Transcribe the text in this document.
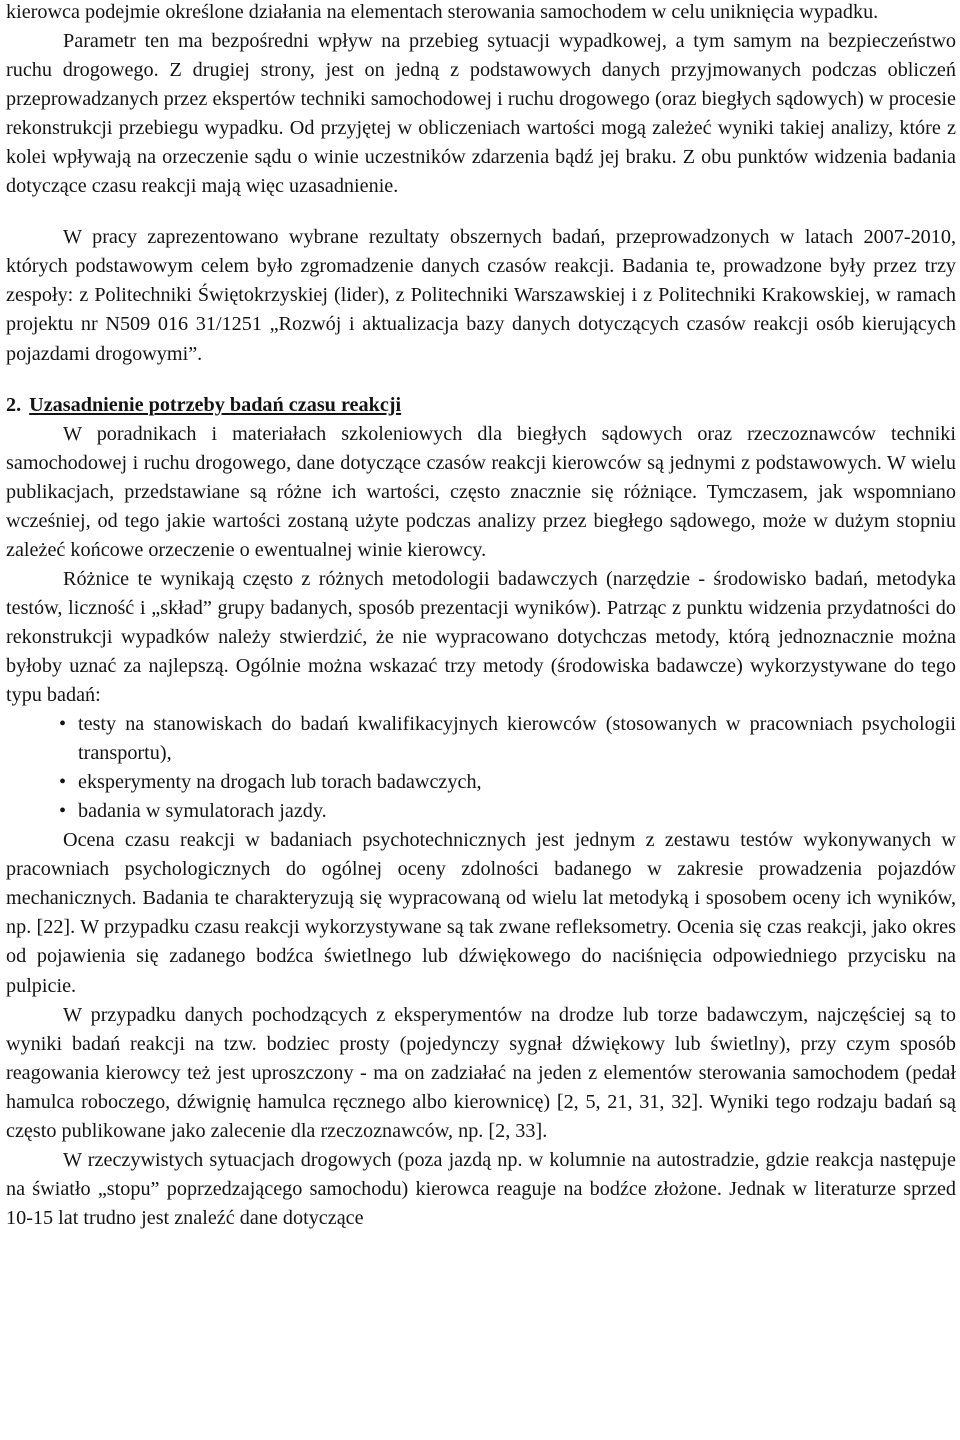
kierowca podejmie określone działania na elementach sterowania samochodem w celu uniknięcia wypadku.

Parametr ten ma bezpośredni wpływ na przebieg sytuacji wypadkowej, a tym samym na bezpieczeństwo ruchu drogowego. Z drugiej strony, jest on jedną z podstawowych danych przyjmowanych podczas obliczeń przeprowadzanych przez ekspertów techniki samochodowej i ruchu drogowego (oraz biegłych sądowych) w procesie rekonstrukcji przebiegu wypadku. Od przyjętej w obliczeniach wartości mogą zależeć wyniki takiej analizy, które z kolei wpływają na orzeczenie sądu o winie uczestników zdarzenia bądź jej braku. Z obu punktów widzenia badania dotyczące czasu reakcji mają więc uzasadnienie.

W pracy zaprezentowano wybrane rezultaty obszernych badań, przeprowadzonych w latach 2007-2010, których podstawowym celem było zgromadzenie danych czasów reakcji. Badania te, prowadzone były przez trzy zespoły: z Politechniki Świętokrzyskiej (lider), z Politechniki Warszawskiej i z Politechniki Krakowskiej, w ramach projektu nr N509 016 31/1251 „Rozwój i aktualizacja bazy danych dotyczących czasów reakcji osób kierujących pojazdami drogowymi”.

2. Uzasadnienie potrzeby badań czasu reakcji

W poradnikach i materiałach szkoleniowych dla biegłych sądowych oraz rzeczoznawców techniki samochodowej i ruchu drogowego, dane dotyczące czasów reakcji kierowców są jednymi z podstawowych. W wielu publikacjach, przedstawiane są różne ich wartości, często znacznie się różniące. Tymczasem, jak wspomniano wcześniej, od tego jakie wartości zostaną użyte podczas analizy przez biegłego sądowego, może w dużym stopniu zależeć końcowe orzeczenie o ewentualnej winie kierowcy.

Różnice te wynikają często z różnych metodologii badawczych (narzędzie - środowisko badań, metodyka testów, liczność i „skład” grupy badanych, sposób prezentacji wyników). Patrząc z punktu widzenia przydatności do rekonstrukcji wypadków należy stwierdzić, że nie wypracowano dotychczas metody, którą jednoznacznie można byłoby uznać za najlepszą. Ogólnie można wskazać trzy metody (środowiska badawcze) wykorzystywane do tego typu badań:

• testy na stanowiskach do badań kwalifikacyjnych kierowców (stosowanych w pracowniach psychologii transportu),
• eksperymenty na drogach lub torach badawczych,
• badania w symulatorach jazdy.

Ocena czasu reakcji w badaniach psychotechnicznych jest jednym z zestawu testów wykonywanych w pracowniach psychologicznych do ogólnej oceny zdolności badanego w zakresie prowadzenia pojazdów mechanicznych. Badania te charakteryzują się wypracowaną od wielu lat metodyką i sposobem oceny ich wyników, np. [22]. W przypadku czasu reakcji wykorzystywane są tak zwane refleksometry. Ocenia się czas reakcji, jako okres od pojawienia się zadanego bodźca świetlnego lub dźwiękowego do naciśnięcia odpowiedniego przycisku na pulpicie.

W przypadku danych pochodzących z eksperymentów na drodze lub torze badawczym, najczęściej są to wyniki badań reakcji na tzw. bodziec prosty (pojedynczy sygnał dźwiękowy lub świetlny), przy czym sposób reagowania kierowcy też jest uproszczony - ma on zadziałać na jeden z elementów sterowania samochodem (pedał hamulca roboczego, dźwignię hamulca ręcznego albo kierownicę) [2, 5, 21, 31, 32]. Wyniki tego rodzaju badań są często publikowane jako zalecenie dla rzeczoznawców, np. [2, 33].

W rzeczywistych sytuacjach drogowych (poza jazdą np. w kolumnie na autostradzie, gdzie reakcja następuje na światło „stopu” poprzedzającego samochodu) kierowca reaguje na bodźce złożone. Jednak w literaturze sprzed 10-15 lat trudno jest znaleźć dane dotyczące
